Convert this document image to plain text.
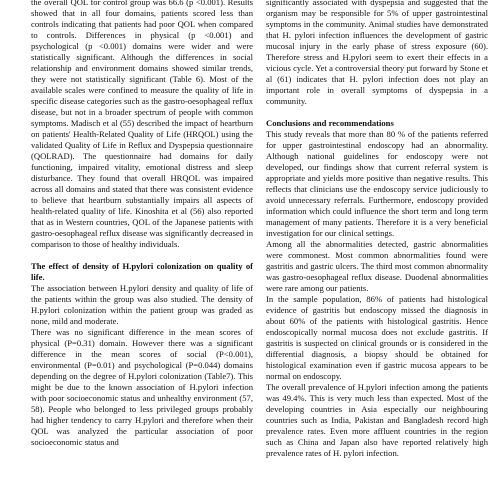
the overall QOL for control group was 66.6 (p <0.001). Results showed that in all four domains, patients scored less than controls indicating that patients had poor QOL when compared to controls. Differences in physical (p <0.001) and psychological (p <0.001) domains were wider and were statistically significant. Although the differences in social relationship and environment domains showed similar trends, they were not statistically significant (Table 6). Most of the available scales were confined to measure the quality of life in specific disease categories such as the gastro-oesophageal reflux disease, but not in a broader spectrum of people with common symptoms. Madisch et al (55) described the impact of heartburn on patients' Health-Related Quality of Life (HRQOL) using the validated Quality of Life in Reflux and Dyspepsia questionnaire (QOLRAD). The questionnaire had domains for daily functioning, impaired vitality, emotional distress and sleep disturbance. They found that overall HRQOL was impaired across all domains and stated that there was consistent evidence to believe that heartburn substantially impairs all aspects of health-related quality of life. Kinoshita et al (56) also reported that as in Western countries, QOL of the Japanese patients with gastro-oesophageal reflux disease was significantly decreased in comparison to those of healthy individuals.

The effect of density of H.pylori colonization on quality of life.

The association between H.pylori density and quality of life of the patients within the group was also studied. The density of H.pylori colonization within the patient group was graded as none, mild and moderate.

There was no significant difference in the mean scores of physical (P=0.31) domain. However there was a significant difference in the mean scores of social (P<0.001), environmental (P=0.01) and psychological (P=0.044) domains depending on the degree of H.pylori colonization (Table7). This might be due to the known association of H.pylori infection with poor socioeconomic status and unhealthy environment (57, 58). People who belonged to less privileged groups probably had higher tendency to carry H.pylori and therefore when their QOL was analyzed the particular association of poor socioeconomic status and

significantly associated with dyspepsia and suggested that the organism may be responsible for 5% of upper gastrointestinal symptoms in the community. Animal studies have demonstrated that H. pylori infection influences the development of gastric mucosal injury in the early phase of stress exposure (60). Therefore stress and H.pylori seem to exert their effects in a vicious cycle. Yet a controversial theory put forward by Stone et al (61) indicates that H. pylori infection does not play an important role in overall symptoms of dyspepsia in a community.

Conclusions and recommendations

This study reveals that more than 80 % of the patients referred for upper gastrointestinal endoscopy had an abnormality. Although national guidelines for endoscopy were not developed, our findings show that current referral system is appropriate and yields more positive than negative results. This reflects that clinicians use the endoscopy service judiciously to avoid unnecessary referrals. Furthermore, endoscopy provided information which could influence the short term and long term management of many patients. Therefore it is a very beneficial investigation for our clinical settings.

Among all the abnormalities detected, gastric abnormalities were commonest. Most common abnormalities found were gastritis and gastric ulcers. The third most common abnormality was gastro-oesophageal reflux disease. Duodenal abnormalities were rare among our patients.

In the sample population, 86% of patients had histological evidence of gastritis but endoscopy missed the diagnosis in about 60% of the patients with histological gastritis. Hence endoscopically normal mucosa does not exclude gastritis. If gastritis is suspected on clinical grounds or is considered in the differential diagnosis, a biopsy should be obtained for histological examination even if gastric mucosa appears to be normal on endoscopy.

The overall prevalence of H.pylori infection among the patients was 49.4%. This is very much less than expected. Most of the developing countries in Asia especially our neighbouring countries such as India, Pakistan and Bangladesh record high prevalence rates. Even more affluent countries in the region such as China and Japan also have reported relatively high prevalence rates of H. pylori infection.
